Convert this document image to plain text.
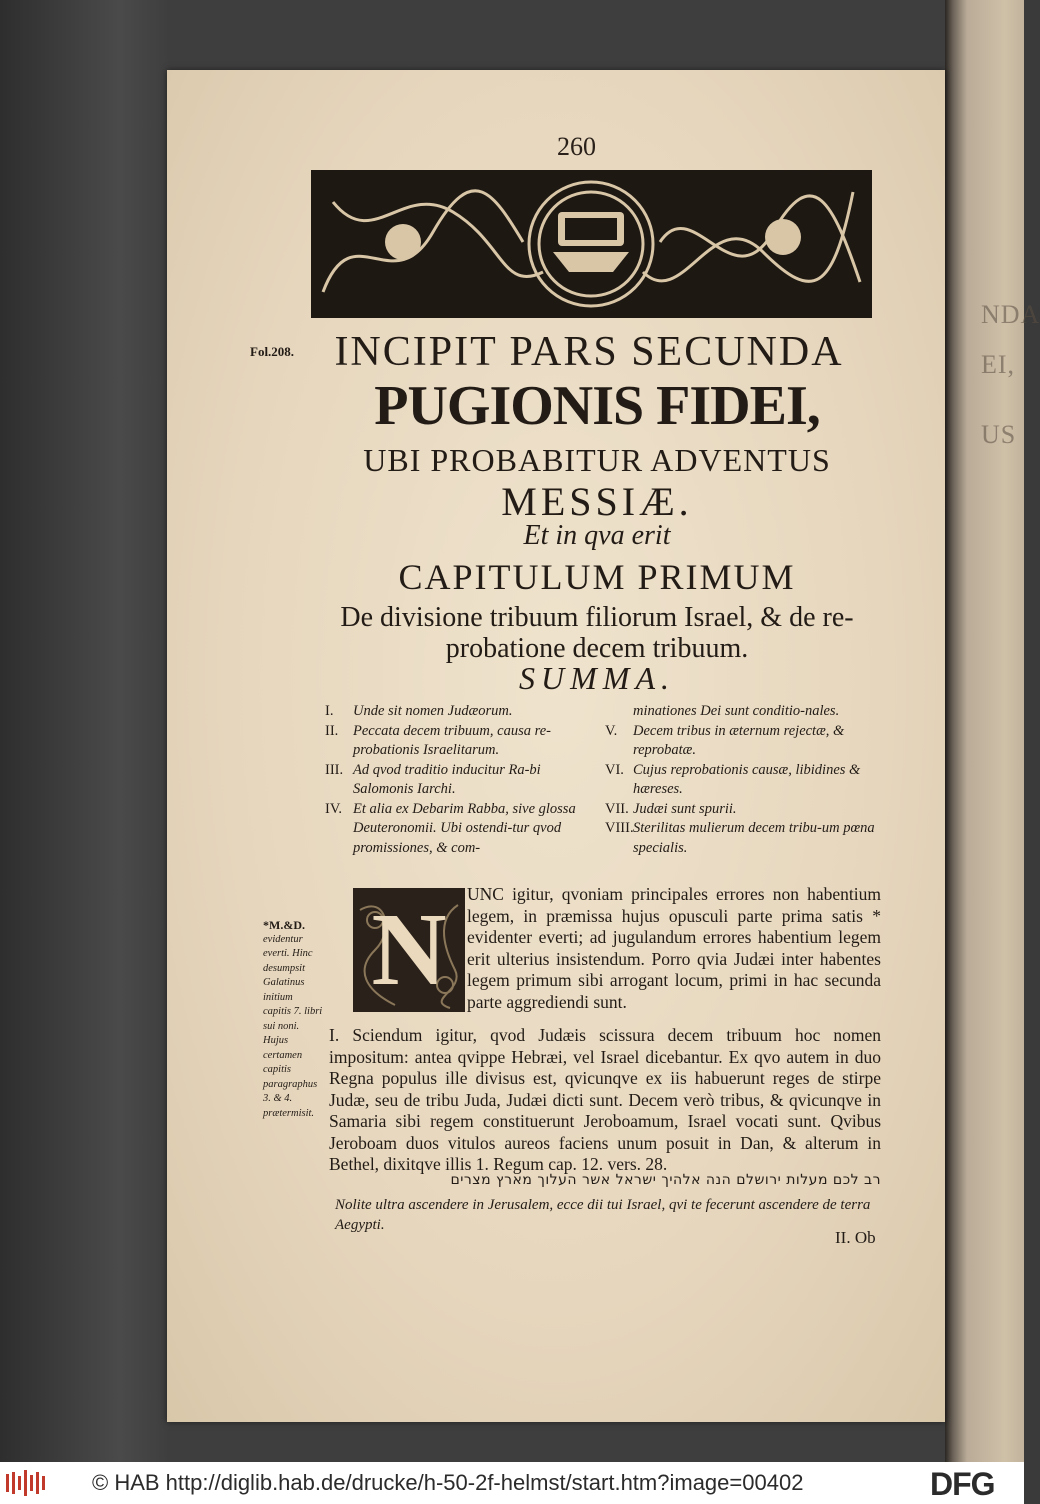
NDA
EI,
US
260
Fol.208. INCIPIT PARS SECUNDA
PUGIONIS FIDEI,
UBI PROBABITUR ADVENTUS
MESSIÆ.
Et in qva erit
CAPITULUM PRIMUM
De divisione tribuum filiorum Israel, & de re-
probatione decem tribuum.
SUMMA.
I.	Unde sit nomen Judæorum.
II.	Peccata decem tribuum, causa re-probationis Israelitarum.
III. Ad qvod traditio inducitur Ra-bi Salomonis Iarchi.
IV. Et alia ex Debarim Rabba, sive glossa Deuteronomii. Ubi ostendi-tur qvod promissiones, & com-
minationes Dei sunt conditio-nales.
V.	Decem tribus in æternum rejectæ, & reprobatæ.
VI. Cujus reprobationis causæ, libidines & hæreses.
VII. Judæi sunt spurii.
VIII. Sterilitas mulierum decem tribu-um pœna specialis.
*M.&D.
evidentur everti. Hinc desumpsit Galatinus initium capitis 7. libri sui noni. Hujus certamen capitis paragraphus 3. & 4. prætermisit.
N	UNC igitur, qvoniam principales errores non habentium legem, in præmissa hujus opusculi parte prima satis * evidenter everti; ad jugulandum errores habentium legem erit ulterius insistendum. Porro qvia Judæi inter habentes legem primum sibi arrogant locum, primi in hac secunda parte aggrediendi sunt.
I. Sciendum igitur, qvod Judæis scissura decem tribuum hoc nomen impositum: antea qvippe Hebræi, vel Israel dicebantur. Ex qvo autem in duo Regna populus ille divisus est, qvicunqve ex iis habuerunt reges de stirpe Judæ, seu de tribu Juda, Judæi dicti sunt. Decem verò tribus, & qvicunqve in Samaria sibi regem constituerunt Jeroboamum, Israel vocati sunt. Qvibus Jeroboam duos vitulos aureos faciens unum posuit in Dan, & alterum in Bethel, dixitqve illis 1. Regum cap. 12. vers. 28.
רב לכם מעלות ירושלם הנה אלהיך ישראל אשר העלוך מארץ מצרים
Nolite ultra ascendere in Jerusalem, ecce dii tui Israel, qvi te fecerunt ascendere de terra Aegypti.
II. Ob
© HAB http://diglib.hab.de/drucke/h-50-2f-helmst/start.htm?image=00402	DFG
